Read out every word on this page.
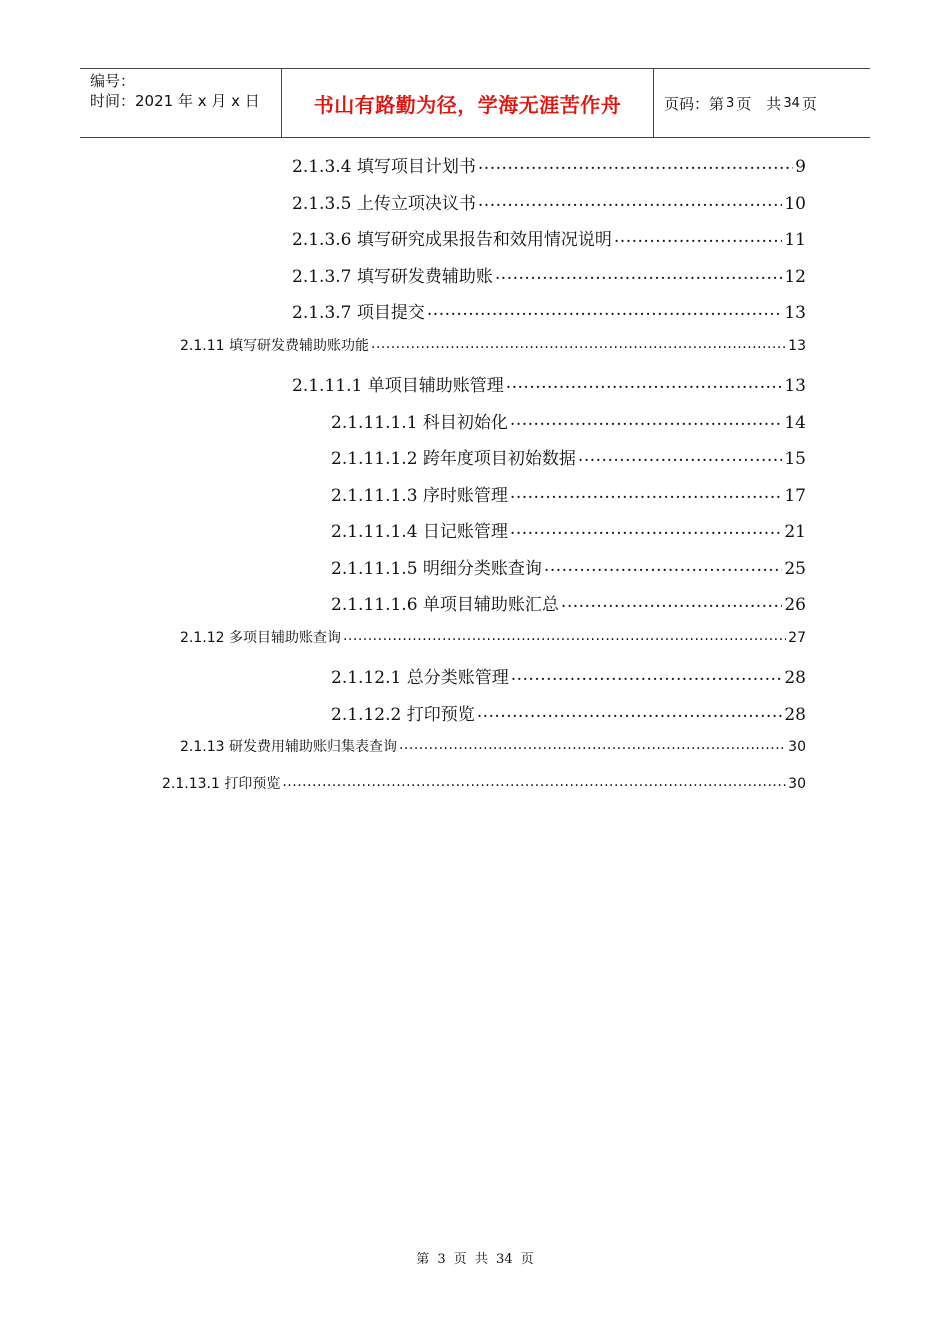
编号：
时间：2021 年 x 月 x 日	书山有路勤为径，学海无涯苦作舟	页码：第 3 页　共 34 页
2.1.3.4 填写项目计划书 .....	9
2.1.3.5 上传立项决议书 .....	10
2.1.3.6 填写研究成果报告和效用情况说明 .....	11
2.1.3.7 填写研发费辅助账 .....	12
2.1.3.7 项目提交 .....	13
2.1.11 填写研发费辅助账功能 .....	13
2.1.11.1 单项目辅助账管理 .....	13
2.1.11.1.1 科目初始化 .....	14
2.1.11.1.2 跨年度项目初始数据 .....	15
2.1.11.1.3 序时账管理 .....	17
2.1.11.1.4 日记账管理 .....	21
2.1.11.1.5 明细分类账查询 .....	25
2.1.11.1.6 单项目辅助账汇总 .....	26
2.1.12 多项目辅助账查询 .....	27
2.1.12.1 总分类账管理 .....	28
2.1.12.2 打印预览 .....	28
2.1.13 研发费用辅助账归集表查询 .....	30
2.1.13.1 打印预览 .....	30
第 3 页 共 34 页
